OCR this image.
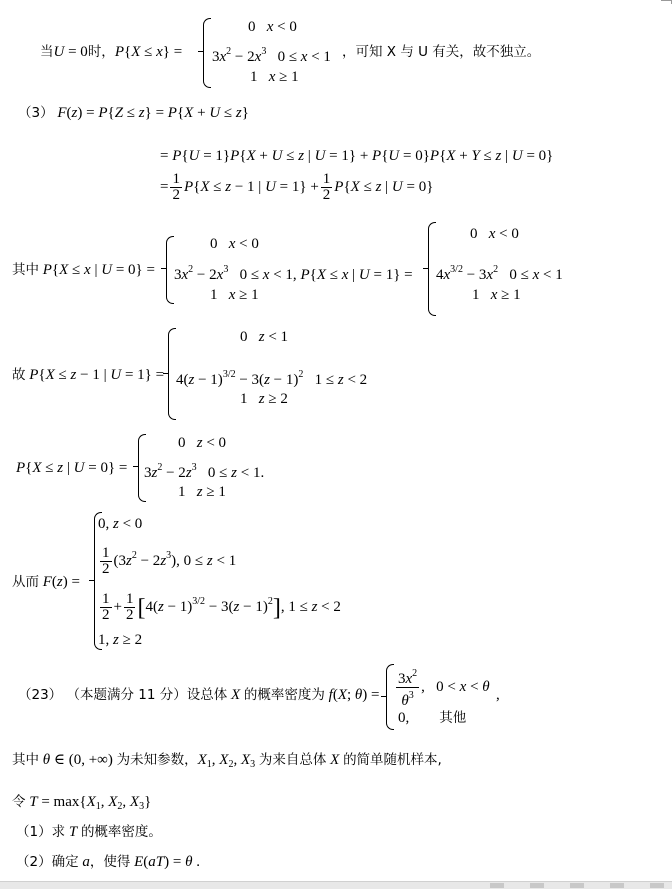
当U = 0时，P{X ≤ x} =
0   x < 0
$3x^2 - 2x^3$   0 ≤ x < 1
1   x ≥ 1
，可知 X 与 U 有关，故不独立。
（3） F(z) = P{Z ≤ z} = P{X + U ≤ z}
= P{U = 1}P{X + U ≤ z | U = 1} + P{U = 0}P{X + Y ≤ z | U = 0}
= $\frac{1}{2} P\{X \le z - 1$ | $U = 1\} + \frac{1}{2} P\{X \le z$ | U = 0}
其中 P{X ≤ x | U = 0} =
0   x < 0
$3x^2 - 2x^3$   0 ≤ x < 1, P{X ≤ x | U = 1} =
1   x ≥ 1
0   x < 0
$4x^{3/2} - 3x^2$   0 ≤ x < 1
1   x ≥ 1
故 P{X ≤ z − 1 | U = 1} =
0   z < 1
$4(z - 1)^{3/2} - 3(z - 1)^2$   1 ≤ z < 2
1   z ≥ 2
P{X ≤ z | U = 0} =
0   z < 0
$3z^2 - 2z^3$   0 ≤ z < 1.
1   z ≥ 1
从而 F(z) =
0, z < 0
$\frac{1}{2} (3z^2 - 2z^3)$, 0 ≤ z < 1
$\frac{1}{2} + \frac{1}{2} [4(z - 1)^{3/2} - 3(z - 1)^2]$, 1 ≤ z < 2
1, z ≥ 2
（23） （本题满分 11 分）设总体 X 的概率密度为 f(X; $\theta) = \frac{3x^2}{\theta^3}$ ,   0 < x < θ
0,        其他
,
其中 θ ∈ (0, +∞) 为未知参数，$X_1$, $X_2$, $X_3$ 为来自总体 X 的简单随机样本,
令 $T = \max\{X_1$, $X_2$, $X_3$}
（1）求 T 的概率密度。
（2）确定 a，使得 E(aT) = θ .
